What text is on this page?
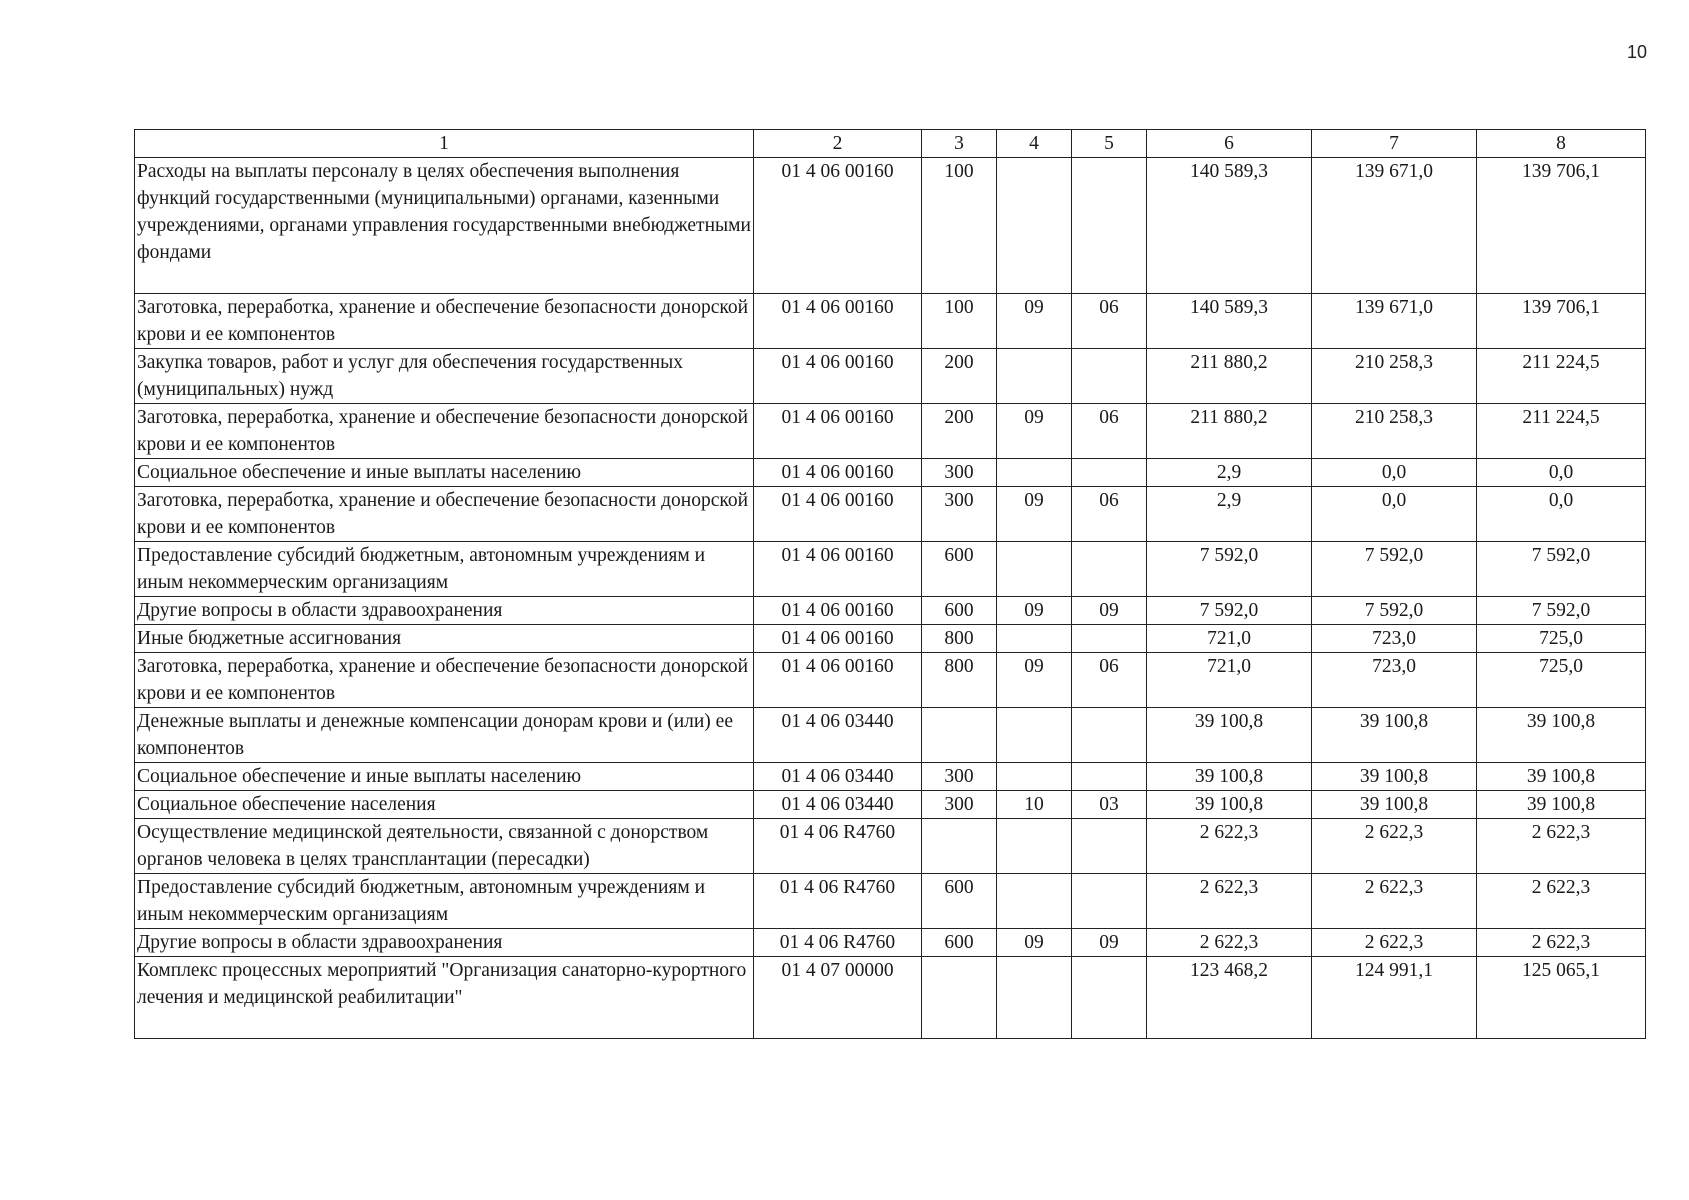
10
1	2	3	4	5	6	7	8
Расходы на выплаты персоналу в целях обеспечения выполнения функций государственными (муниципальными) органами, казенными учреждениями, органами управления государственными внебюджетными фондами	01 4 06 00160	100			140 589,3	139 671,0	139 706,1
Заготовка, переработка, хранение и обеспечение безопасности донорской крови и ее компонентов	01 4 06 00160	100	09	06	140 589,3	139 671,0	139 706,1
Закупка товаров, работ и услуг для обеспечения государственных (муниципальных) нужд	01 4 06 00160	200			211 880,2	210 258,3	211 224,5
Заготовка, переработка, хранение и обеспечение безопасности донорской крови и ее компонентов	01 4 06 00160	200	09	06	211 880,2	210 258,3	211 224,5
Социальное обеспечение и иные выплаты населению	01 4 06 00160	300			2,9	0,0	0,0
Заготовка, переработка, хранение и обеспечение безопасности донорской крови и ее компонентов	01 4 06 00160	300	09	06	2,9	0,0	0,0
Предоставление субсидий бюджетным, автономным учреждениям и иным некоммерческим организациям	01 4 06 00160	600			7 592,0	7 592,0	7 592,0
Другие вопросы в области здравоохранения	01 4 06 00160	600	09	09	7 592,0	7 592,0	7 592,0
Иные бюджетные ассигнования	01 4 06 00160	800			721,0	723,0	725,0
Заготовка, переработка, хранение и обеспечение безопасности донорской крови и ее компонентов	01 4 06 00160	800	09	06	721,0	723,0	725,0
Денежные выплаты и денежные компенсации донорам крови и (или) ее компонентов	01 4 06 03440				39 100,8	39 100,8	39 100,8
Социальное обеспечение и иные выплаты населению	01 4 06 03440	300			39 100,8	39 100,8	39 100,8
Социальное обеспечение населения	01 4 06 03440	300	10	03	39 100,8	39 100,8	39 100,8
Осуществление медицинской деятельности, связанной с донорством органов человека в целях трансплантации (пересадки)	01 4 06 R4760				2 622,3	2 622,3	2 622,3
Предоставление субсидий бюджетным, автономным учреждениям и иным некоммерческим организациям	01 4 06 R4760	600			2 622,3	2 622,3	2 622,3
Другие вопросы в области здравоохранения	01 4 06 R4760	600	09	09	2 622,3	2 622,3	2 622,3
Комплекс процессных мероприятий "Организация санаторно-курортного лечения и медицинской реабилитации"	01 4 07 00000				123 468,2	124 991,1	125 065,1
